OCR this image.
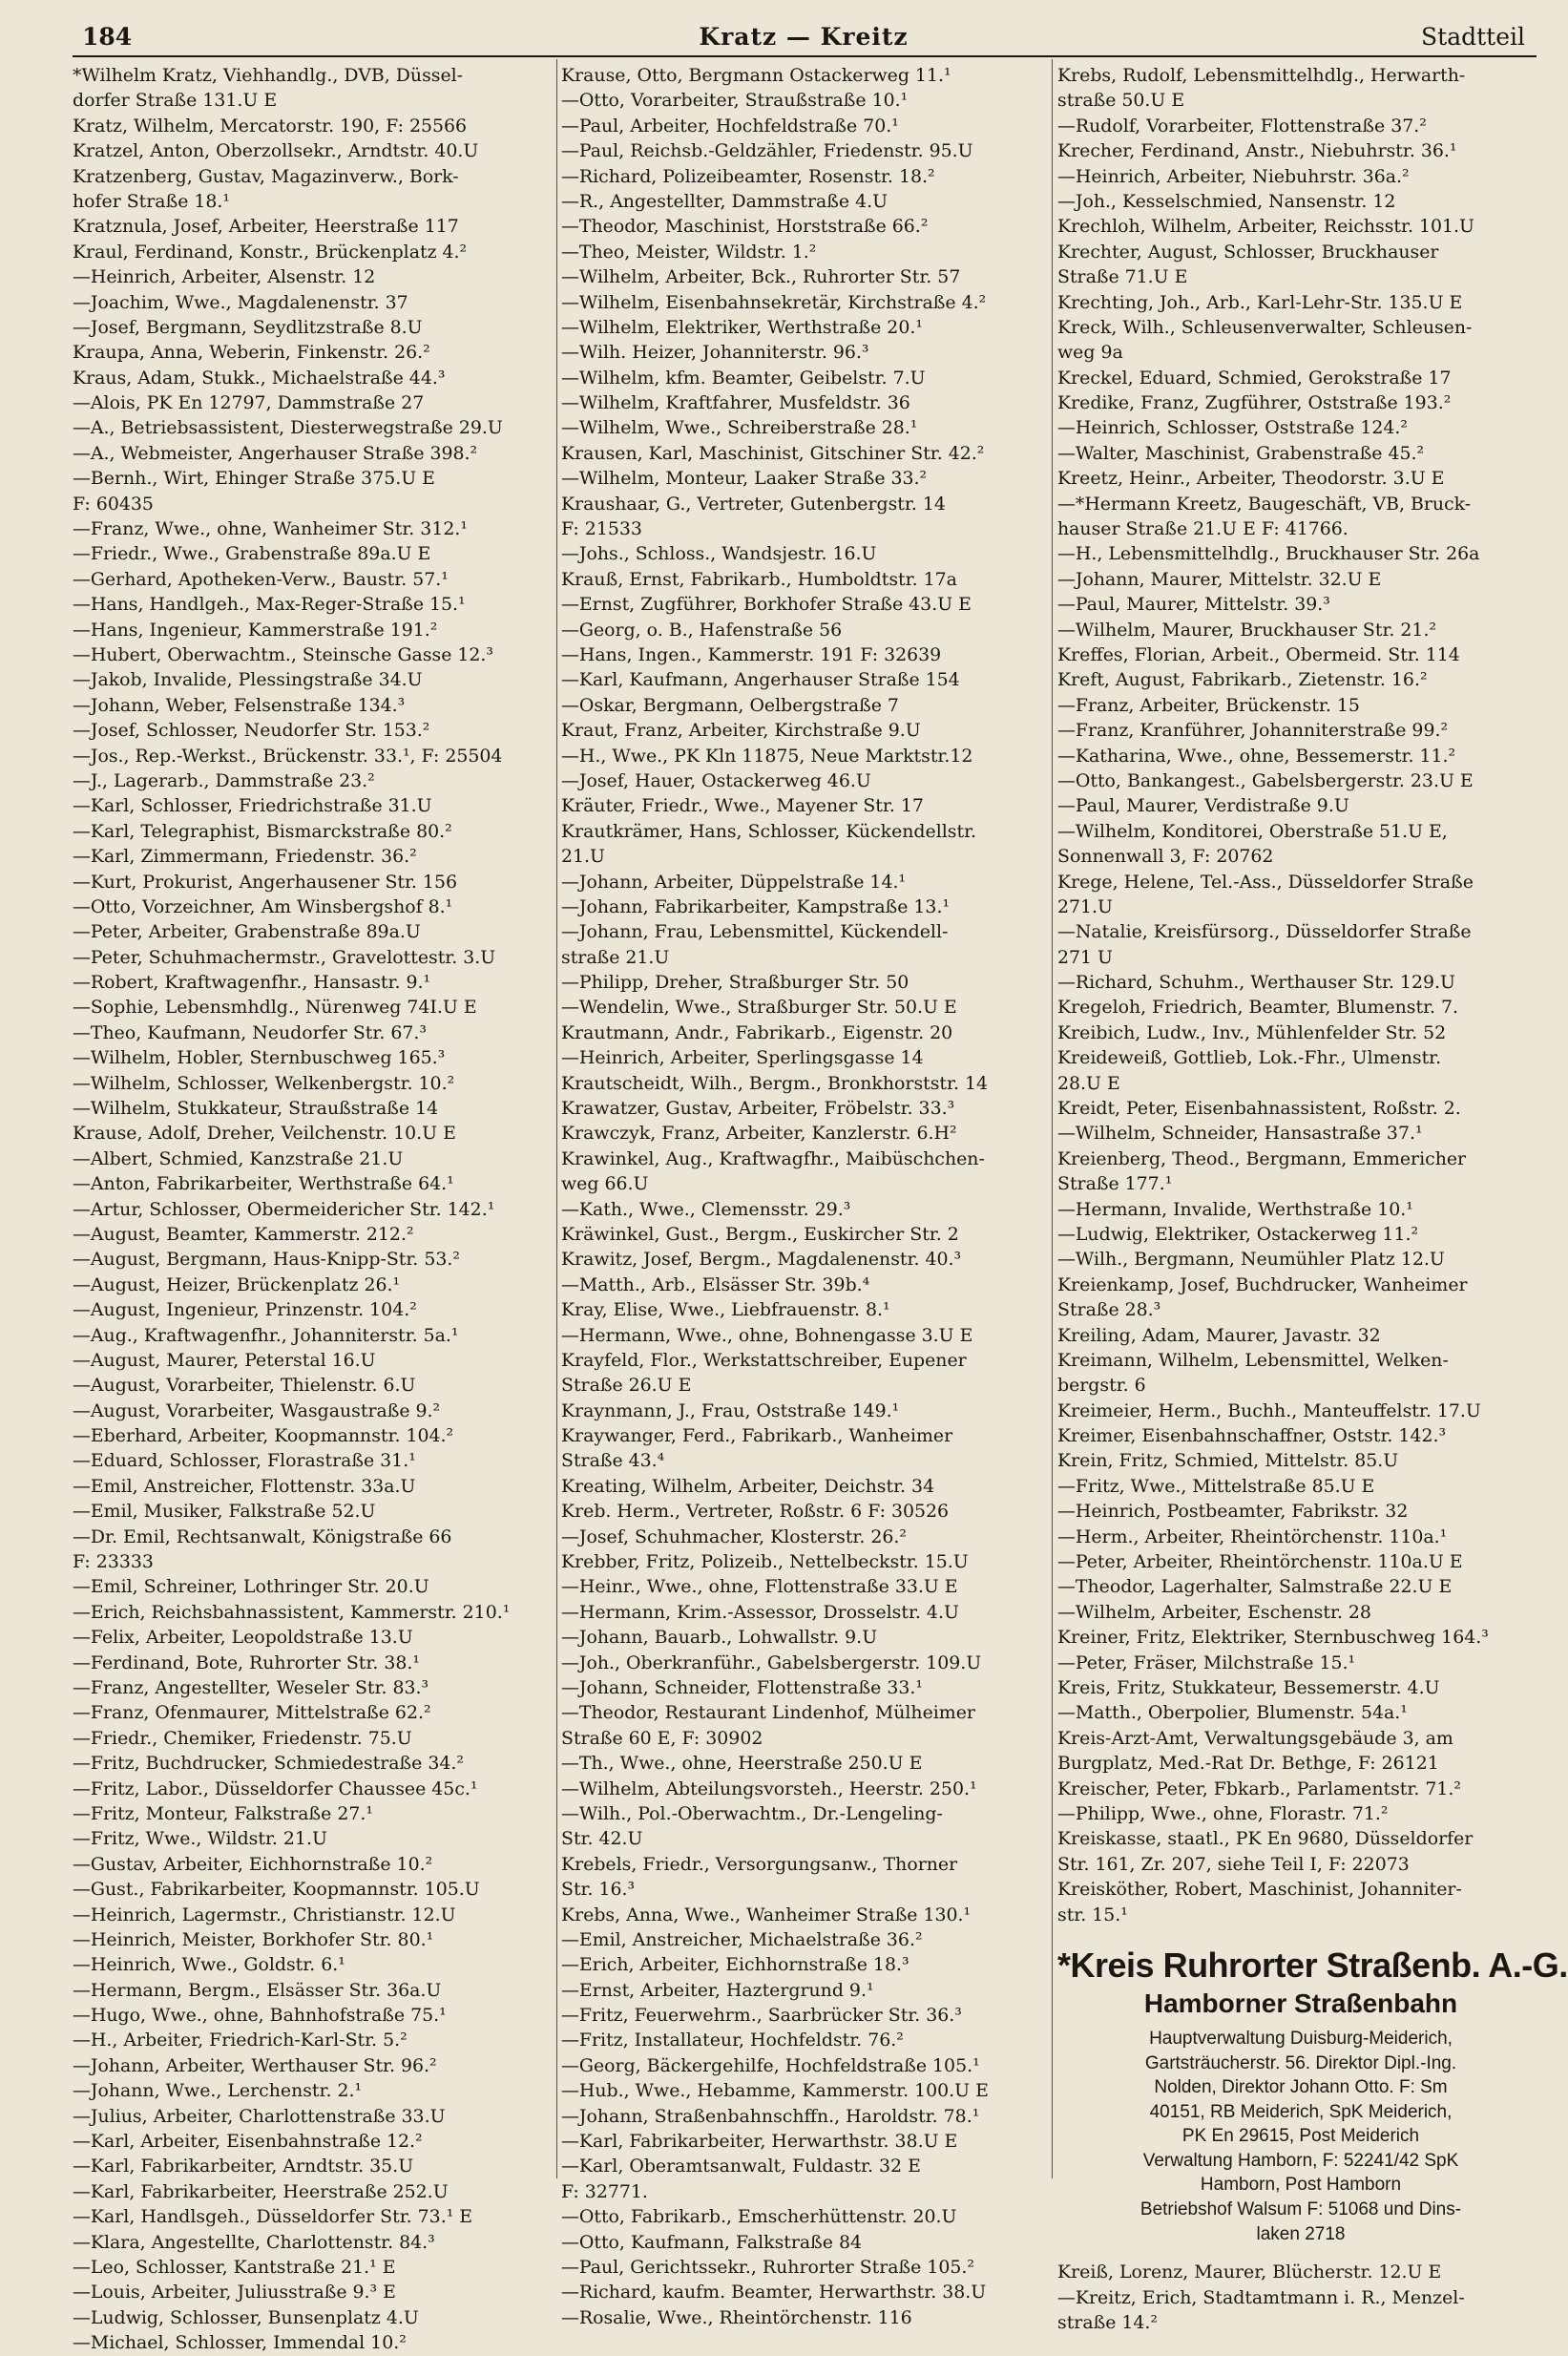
184	Kratz — Kreitz	Stadtteil
*Wilhelm Kratz, Viehhandlg., DVB, Düssel-
dorfer Straße 131.U E
Kratz, Wilhelm, Mercatorstr. 190, F: 25566
Kratzel, Anton, Oberzollsekr., Arndtstr. 40.U
Kratzenberg, Gustav, Magazinverw., Bork-
hofer Straße 18.¹
Kratznula, Josef, Arbeiter, Heerstraße 117
Kraul, Ferdinand, Konstr., Brückenplatz 4.²
—Heinrich, Arbeiter, Alsenstr. 12
—Joachim, Wwe., Magdalenenstr. 37
—Josef, Bergmann, Seydlitzstraße 8.U
Kraupa, Anna, Weberin, Finkenstr. 26.²
Kraus, Adam, Stukk., Michaelstraße 44.³
—Alois, PK En 12797, Dammstraße 27
—A., Betriebsassistent, Diesterwegstraße 29.U
—A., Webmeister, Angerhauser Straße 398.²
—Bernh., Wirt, Ehinger Straße 375.U E
F: 60435
—Franz, Wwe., ohne, Wanheimer Str. 312.¹
—Friedr., Wwe., Grabenstraße 89a.U E
—Gerhard, Apotheken-Verw., Baustr. 57.¹
—Hans, Handlgeh., Max-Reger-Straße 15.¹
—Hans, Ingenieur, Kammerstraße 191.²
—Hubert, Oberwachtm., Steinsche Gasse 12.³
—Jakob, Invalide, Plessingstraße 34.U
—Johann, Weber, Felsenstraße 134.³
—Josef, Schlosser, Neudorfer Str. 153.²
—Jos., Rep.-Werkst., Brückenstr. 33.¹, F: 25504
—J., Lagerarb., Dammstraße 23.²
—Karl, Schlosser, Friedrichstraße 31.U
—Karl, Telegraphist, Bismarckstraße 80.²
—Karl, Zimmermann, Friedenstr. 36.²
—Kurt, Prokurist, Angerhausener Str. 156
—Otto, Vorzeichner, Am Winsbergshof 8.¹
—Peter, Arbeiter, Grabenstraße 89a.U
—Peter, Schuhmachermstr., Gravelottestr. 3.U
—Robert, Kraftwagenfhr., Hansastr. 9.¹
—Sophie, Lebensmhdlg., Nürenweg 74I.U E
—Theo, Kaufmann, Neudorfer Str. 67.³
—Wilhelm, Hobler, Sternbuschweg 165.³
—Wilhelm, Schlosser, Welkenbergstr. 10.²
—Wilhelm, Stukkateur, Straußstraße 14
Krause, Adolf, Dreher, Veilchenstr. 10.U E
—Albert, Schmied, Kanzstraße 21.U
—Anton, Fabrikarbeiter, Werthstraße 64.¹
—Artur, Schlosser, Obermeidericher Str. 142.¹
—August, Beamter, Kammerstr. 212.²
—August, Bergmann, Haus-Knipp-Str. 53.²
—August, Heizer, Brückenplatz 26.¹
—August, Ingenieur, Prinzenstr. 104.²
—Aug., Kraftwagenfhr., Johanniterstr. 5a.¹
—August, Maurer, Peterstal 16.U
—August, Vorarbeiter, Thielenstr. 6.U
—August, Vorarbeiter, Wasgaustraße 9.²
—Eberhard, Arbeiter, Koopmannstr. 104.²
—Eduard, Schlosser, Florastraße 31.¹
—Emil, Anstreicher, Flottenstr. 33a.U
—Emil, Musiker, Falkstraße 52.U
—Dr. Emil, Rechtsanwalt, Königstraße 66
F: 23333
—Emil, Schreiner, Lothringer Str. 20.U
—Erich, Reichsbahnassistent, Kammerstr. 210.¹
—Felix, Arbeiter, Leopoldstraße 13.U
—Ferdinand, Bote, Ruhrorter Str. 38.¹
—Franz, Angestellter, Weseler Str. 83.³
—Franz, Ofenmaurer, Mittelstraße 62.²
—Friedr., Chemiker, Friedenstr. 75.U
—Fritz, Buchdrucker, Schmiedestraße 34.²
—Fritz, Labor., Düsseldorfer Chaussee 45c.¹
—Fritz, Monteur, Falkstraße 27.¹
—Fritz, Wwe., Wildstr. 21.U
—Gustav, Arbeiter, Eichhornstraße 10.²
—Gust., Fabrikarbeiter, Koopmannstr. 105.U
—Heinrich, Lagermstr., Christianstr. 12.U
—Heinrich, Meister, Borkhofer Str. 80.¹
—Heinrich, Wwe., Goldstr. 6.¹
—Hermann, Bergm., Elsässer Str. 36a.U
—Hugo, Wwe., ohne, Bahnhofstraße 75.¹
—H., Arbeiter, Friedrich-Karl-Str. 5.²
—Johann, Arbeiter, Werthauser Str. 96.²
—Johann, Wwe., Lerchenstr. 2.¹
—Julius, Arbeiter, Charlottenstraße 33.U
—Karl, Arbeiter, Eisenbahnstraße 12.²
—Karl, Fabrikarbeiter, Arndtstr. 35.U
—Karl, Fabrikarbeiter, Heerstraße 252.U
—Karl, Handlsgeh., Düsseldorfer Str. 73.¹ E
—Klara, Angestellte, Charlottenstr. 84.³
—Leo, Schlosser, Kantstraße 21.¹ E
—Louis, Arbeiter, Juliusstraße 9.³ E
—Ludwig, Schlosser, Bunsenplatz 4.U
—Michael, Schlosser, Immendal 10.²
Krause, Otto, Bergmann Ostackerweg 11.¹
—Otto, Vorarbeiter, Straußstraße 10.¹
—Paul, Arbeiter, Hochfeldstraße 70.¹
—Paul, Reichsb.-Geldzähler, Friedenstr. 95.U
—Richard, Polizeibeamter, Rosenstr. 18.²
—R., Angestellter, Dammstraße 4.U
—Theodor, Maschinist, Horststraße 66.²
—Theo, Meister, Wildstr. 1.²
—Wilhelm, Arbeiter, Bck., Ruhrorter Str. 57
—Wilhelm, Eisenbahnsekretär, Kirchstraße 4.²
—Wilhelm, Elektriker, Werthstraße 20.¹
—Wilh. Heizer, Johanniterstr. 96.³
—Wilhelm, kfm. Beamter, Geibelstr. 7.U
—Wilhelm, Kraftfahrer, Musfeldstr. 36
—Wilhelm, Wwe., Schreiberstraße 28.¹
Krausen, Karl, Maschinist, Gitschiner Str. 42.²
—Wilhelm, Monteur, Laaker Straße 33.²
Kraushaar, G., Vertreter, Gutenbergstr. 14
F: 21533
—Johs., Schloss., Wandsjestr. 16.U
Krauß, Ernst, Fabrikarb., Humboldtstr. 17a
—Ernst, Zugführer, Borkhofer Straße 43.U E
—Georg, o. B., Hafenstraße 56
—Hans, Ingen., Kammerstr. 191 F: 32639
—Karl, Kaufmann, Angerhauser Straße 154
—Oskar, Bergmann, Oelbergstraße 7
Kraut, Franz, Arbeiter, Kirchstraße 9.U
—H., Wwe., PK Kln 11875, Neue Marktstr.12
—Josef, Hauer, Ostackerweg 46.U
Kräuter, Friedr., Wwe., Mayener Str. 17
Krautkrämer, Hans, Schlosser, Kückendellstr.
21.U
—Johann, Arbeiter, Düppelstraße 14.¹
—Johann, Fabrikarbeiter, Kampstraße 13.¹
—Johann, Frau, Lebensmittel, Kückendell-
straße 21.U
—Philipp, Dreher, Straßburger Str. 50
—Wendelin, Wwe., Straßburger Str. 50.U E
Krautmann, Andr., Fabrikarb., Eigenstr. 20
—Heinrich, Arbeiter, Sperlingsgasse 14
Krautscheidt, Wilh., Bergm., Bronkhorststr. 14
Krawatzer, Gustav, Arbeiter, Fröbelstr. 33.³
Krawczyk, Franz, Arbeiter, Kanzlerstr. 6.H²
Krawinkel, Aug., Kraftwagfhr., Maibüschchen-
weg 66.U
—Kath., Wwe., Clemensstr. 29.³
Kräwinkel, Gust., Bergm., Euskircher Str. 2
Krawitz, Josef, Bergm., Magdalenenstr. 40.³
—Matth., Arb., Elsässer Str. 39b.⁴
Kray, Elise, Wwe., Liebfrauenstr. 8.¹
—Hermann, Wwe., ohne, Bohnengasse 3.U E
Krayfeld, Flor., Werkstattschreiber, Eupener
Straße 26.U E
Kraynmann, J., Frau, Oststraße 149.¹
Kraywanger, Ferd., Fabrikarb., Wanheimer
Straße 43.⁴
Kreating, Wilhelm, Arbeiter, Deichstr. 34
Kreb. Herm., Vertreter, Roßstr. 6 F: 30526
—Josef, Schuhmacher, Klosterstr. 26.²
Krebber, Fritz, Polizeib., Nettelbeckstr. 15.U
—Heinr., Wwe., ohne, Flottenstraße 33.U E
—Hermann, Krim.-Assessor, Drosselstr. 4.U
—Johann, Bauarb., Lohwallstr. 9.U
—Joh., Oberkranführ., Gabelsbergerstr. 109.U
—Johann, Schneider, Flottenstraße 33.¹
—Theodor, Restaurant Lindenhof, Mülheimer
Straße 60 E, F: 30902
—Th., Wwe., ohne, Heerstraße 250.U E
—Wilhelm, Abteilungsvorsteh., Heerstr. 250.¹
—Wilh., Pol.-Oberwachtm., Dr.-Lengeling-
Str. 42.U
Krebels, Friedr., Versorgungsanw., Thorner
Str. 16.³
Krebs, Anna, Wwe., Wanheimer Straße 130.¹
—Emil, Anstreicher, Michaelstraße 36.²
—Erich, Arbeiter, Eichhornstraße 18.³
—Ernst, Arbeiter, Haztergrund 9.¹
—Fritz, Feuerwehrm., Saarbrücker Str. 36.³
—Fritz, Installateur, Hochfeldstr. 76.²
—Georg, Bäckergehilfe, Hochfeldstraße 105.¹
—Hub., Wwe., Hebamme, Kammerstr. 100.U E
—Johann, Straßenbahnschffn., Haroldstr. 78.¹
—Karl, Fabrikarbeiter, Herwarthstr. 38.U E
—Karl, Oberamtsanwalt, Fuldastr. 32 E
F: 32771.
—Otto, Fabrikarb., Emscherhüttenstr. 20.U
—Otto, Kaufmann, Falkstraße 84
—Paul, Gerichtssekr., Ruhrorter Straße 105.²
—Richard, kaufm. Beamter, Herwarthstr. 38.U
—Rosalie, Wwe., Rheintörchenstr. 116
Krebs, Rudolf, Lebensmittelhdlg., Herwarth-
straße 50.U E
—Rudolf, Vorarbeiter, Flottenstraße 37.²
Krecher, Ferdinand, Anstr., Niebuhrstr. 36.¹
—Heinrich, Arbeiter, Niebuhrstr. 36a.²
—Joh., Kesselschmied, Nansenstr. 12
Krechloh, Wilhelm, Arbeiter, Reichsstr. 101.U
Krechter, August, Schlosser, Bruckhauser
Straße 71.U E
Krechting, Joh., Arb., Karl-Lehr-Str. 135.U E
Kreck, Wilh., Schleusenverwalter, Schleusen-
weg 9a
Kreckel, Eduard, Schmied, Gerokstraße 17
Kredike, Franz, Zugführer, Oststraße 193.²
—Heinrich, Schlosser, Oststraße 124.²
—Walter, Maschinist, Grabenstraße 45.²
Kreetz, Heinr., Arbeiter, Theodorstr. 3.U E
—*Hermann Kreetz, Baugeschäft, VB, Bruck-
hauser Straße 21.U E F: 41766.
—H., Lebensmittelhdlg., Bruckhauser Str. 26a
—Johann, Maurer, Mittelstr. 32.U E
—Paul, Maurer, Mittelstr. 39.³
—Wilhelm, Maurer, Bruckhauser Str. 21.²
Kreffes, Florian, Arbeit., Obermeid. Str. 114
Kreft, August, Fabrikarb., Zietenstr. 16.²
—Franz, Arbeiter, Brückenstr. 15
—Franz, Kranführer, Johanniterstraße 99.²
—Katharina, Wwe., ohne, Bessemerstr. 11.²
—Otto, Bankangest., Gabelsbergerstr. 23.U E
—Paul, Maurer, Verdistraße 9.U
—Wilhelm, Konditorei, Oberstraße 51.U E,
Sonnenwall 3, F: 20762
Krege, Helene, Tel.-Ass., Düsseldorfer Straße
271.U
—Natalie, Kreisfürsorg., Düsseldorfer Straße
271 U
—Richard, Schuhm., Werthauser Str. 129.U
Kregeloh, Friedrich, Beamter, Blumenstr. 7.
Kreibich, Ludw., Inv., Mühlenfelder Str. 52
Kreideweiß, Gottlieb, Lok.-Fhr., Ulmenstr.
28.U E
Kreidt, Peter, Eisenbahnassistent, Roßstr. 2.
—Wilhelm, Schneider, Hansastraße 37.¹
Kreienberg, Theod., Bergmann, Emmericher
Straße 177.¹
—Hermann, Invalide, Werthstraße 10.¹
—Ludwig, Elektriker, Ostackerweg 11.²
—Wilh., Bergmann, Neumühler Platz 12.U
Kreienkamp, Josef, Buchdrucker, Wanheimer
Straße 28.³
Kreiling, Adam, Maurer, Javastr. 32
Kreimann, Wilhelm, Lebensmittel, Welken-
bergstr. 6
Kreimeier, Herm., Buchh., Manteuffelstr. 17.U
Kreimer, Eisenbahnschaffner, Oststr. 142.³
Krein, Fritz, Schmied, Mittelstr. 85.U
—Fritz, Wwe., Mittelstraße 85.U E
—Heinrich, Postbeamter, Fabrikstr. 32
—Herm., Arbeiter, Rheintörchenstr. 110a.¹
—Peter, Arbeiter, Rheintörchenstr. 110a.U E
—Theodor, Lagerhalter, Salmstraße 22.U E
—Wilhelm, Arbeiter, Eschenstr. 28
Kreiner, Fritz, Elektriker, Sternbuschweg 164.³
—Peter, Fräser, Milchstraße 15.¹
Kreis, Fritz, Stukkateur, Bessemerstr. 4.U
—Matth., Oberpolier, Blumenstr. 54a.¹
Kreis-Arzt-Amt, Verwaltungsgebäude 3, am
Burgplatz, Med.-Rat Dr. Bethge, F: 26121
Kreischer, Peter, Fbkarb., Parlamentstr. 71.²
—Philipp, Wwe., ohne, Florastr. 71.²
Kreiskasse, staatl., PK En 9680, Düsseldorfer
Str. 161, Zr. 207, siehe Teil I, F: 22073
Kreisköther, Robert, Maschinist, Johanniter-
str. 15.¹
*Kreis Ruhrorter Straßenb. A.-G.
Hamborner Straßenbahn
Hauptverwaltung Duisburg-Meiderich,
Gartsträucherstr. 56. Direktor Dipl.-Ing.
Nolden, Direktor Johann Otto. F: Sm
40151, RB Meiderich, SpK Meiderich,
PK En 29615, Post Meiderich
Verwaltung Hamborn, F: 52241/42 SpK
Hamborn, Post Hamborn
Betriebshof Walsum F: 51068 und Dins-
laken 2718
Kreiß, Lorenz, Maurer, Blücherstr. 12.U E
—Kreitz, Erich, Stadtamtmann i. R., Menzel-
straße 14.²
